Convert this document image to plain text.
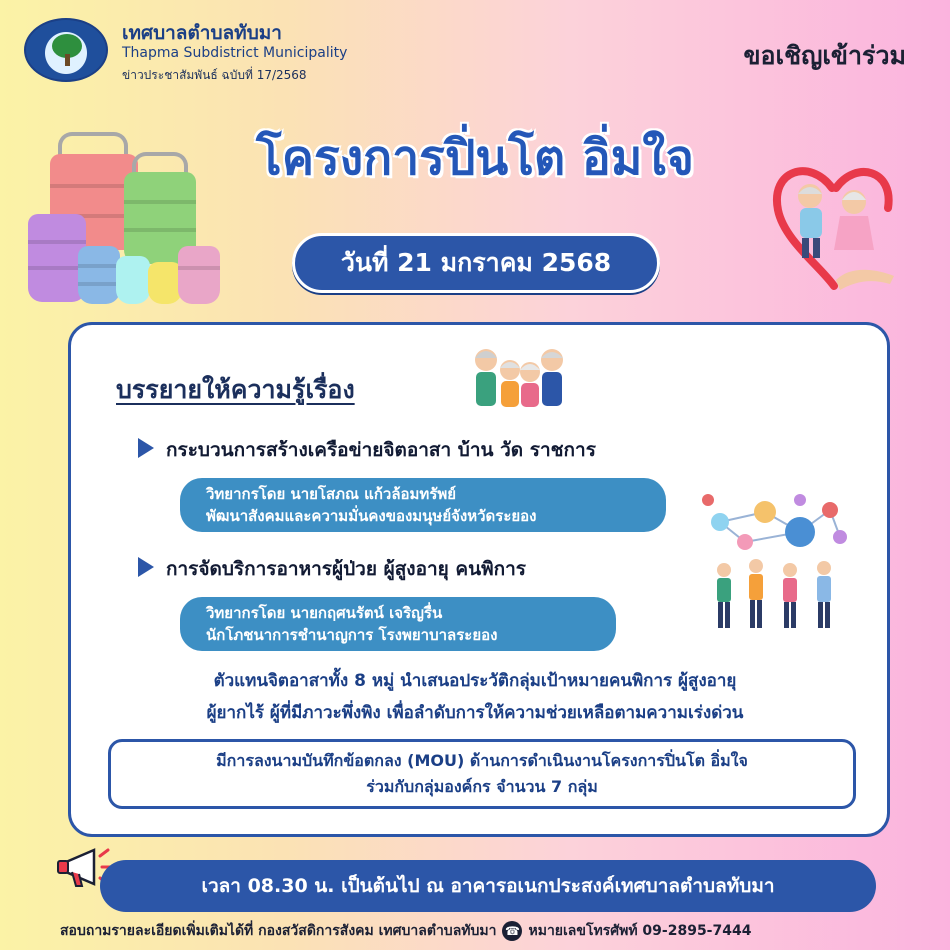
เทศบาลตำบลทับมา
Thapma Subdistrict Municipality
ข่าวประชาสัมพันธ์ ฉบับที่ 17/2568
ขอเชิญเข้าร่วม
โครงการปิ่นโต อิ่มใจ
วันที่ 21 มกราคม 2568
บรรยายให้ความรู้เรื่อง
กระบวนการสร้างเครือข่ายจิตอาสา บ้าน วัด ราชการ
วิทยากรโดย นายโสภณ แก้วล้อมทรัพย์
พัฒนาสังคมและความมั่นคงของมนุษย์จังหวัดระยอง
การจัดบริการอาหารผู้ป่วย ผู้สูงอายุ คนพิการ
วิทยากรโดย นายกฤศนรัตน์ เจริญรื่น
นักโภชนาการชำนาญการ โรงพยาบาลระยอง
ตัวแทนจิตอาสาทั้ง 8 หมู่ นำเสนอประวัติกลุ่มเป้าหมายคนพิการ ผู้สูงอายุ
ผู้ยากไร้ ผู้ที่มีภาวะพึ่งพิง เพื่อลำดับการให้ความช่วยเหลือตามความเร่งด่วน
มีการลงนามบันทึกข้อตกลง (MOU) ด้านการดำเนินงานโครงการปิ่นโต อิ่มใจ
ร่วมกับกลุ่มองค์กร จำนวน 7 กลุ่ม
เวลา 08.30 น. เป็นต้นไป ณ อาคารอเนกประสงค์เทศบาลตำบลทับมา
สอบถามรายละเอียดเพิ่มเติมได้ที่ กองสวัสดิการสังคม เทศบาลตำบลทับมา ☎ หมายเลขโทรศัพท์ 09-2895-7444
